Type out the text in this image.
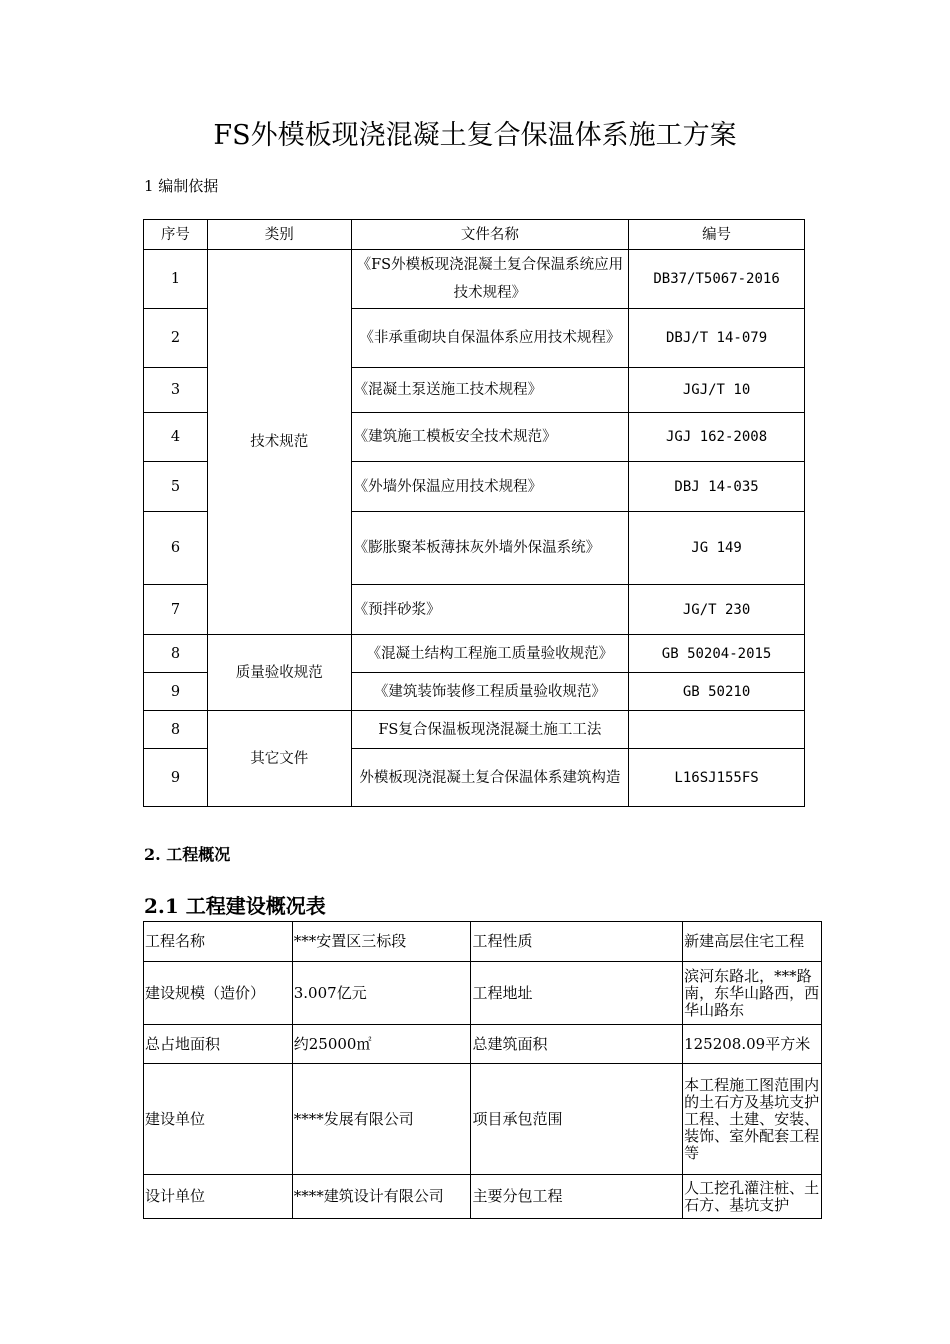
FS外模板现浇混凝土复合保温体系施工方案
1 编制依据
序号	类别	文件名称	编号
1	技术规范	《FS外模板现浇混凝土复合保温系统应用技术规程》	DB37/T5067-2016
2		《非承重砌块自保温体系应用技术规程》	DBJ/T 14-079
3		《混凝土泵送施工技术规程》	JGJ/T 10
4		《建筑施工模板安全技术规范》	JGJ 162-2008
5		《外墙外保温应用技术规程》	DBJ 14-035
6		《膨胀聚苯板薄抹灰外墙外保温系统》	JG 149
7		《预拌砂浆》	JG/T 230
8	质量验收规范	《混凝土结构工程施工质量验收规范》	GB 50204-2015
9		《建筑装饰装修工程质量验收规范》	GB 50210
8	其它文件	FS复合保温板现浇混凝土施工工法	
9		外模板现浇混凝土复合保温体系建筑构造	L16SJ155FS
2. 工程概况
2.1 工程建设概况表
工程名称	***安置区三标段	工程性质	新建高层住宅工程
建设规模（造价）	3.007亿元	工程地址	滨河东路北，***路南，东华山路西，西华山路东
总占地面积	约25000㎡	总建筑面积	125208.09平方米
建设单位	****发展有限公司	项目承包范围	本工程施工图范围内的土石方及基坑支护工程、土建、安装、装饰、室外配套工程等
设计单位	****建筑设计有限公司	主要分包工程	人工挖孔灌注桩、土石方、基坑支护
